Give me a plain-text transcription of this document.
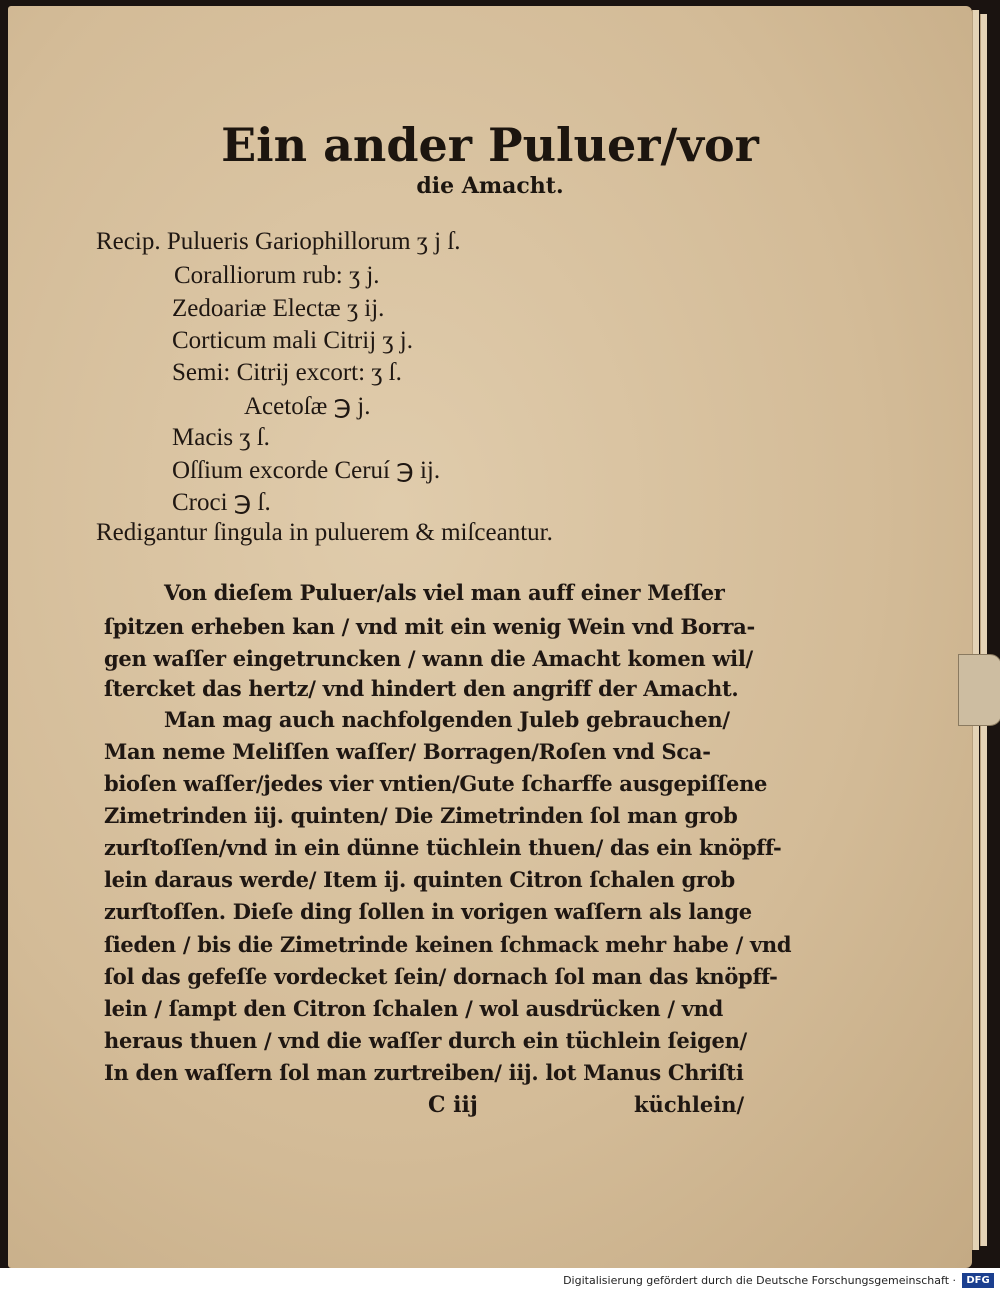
Ein ander Puluer/vor
die Amacht.
Recip. Pulueris Gariophillorum ʒ j ſ.
Coralliorum rub: ʒ j.
Zedoariæ Electæ ʒ ij.
Corticum mali Citrij ʒ j.
Semi: Citrij excort: ʒ ſ.
Acetoſæ ℈ j.
Macis ʒ ſ.
Oſſium excorde Ceruí ℈ ij.
Croci ℈ ſ.
Redigantur ſingula in puluerem & miſceantur.
Von dieſem Puluer/als viel man auff einer Meſſer
ſpitzen erheben kan / vnd mit ein wenig Wein vnd Borra-
gen waſſer eingetruncken / wann die Amacht komen wil/
ſtercket das hertz/ vnd hindert den angriff der Amacht.
Man mag auch nachfolgenden Juleb gebrauchen/
Man neme Meliſſen waſſer/ Borragen/Roſen vnd Sca-
bioſen waſſer/jedes vier vntien/Gute ſcharffe ausgepiſſene
Zimetrinden iij. quinten/ Die Zimetrinden ſol man grob
zurſtoſſen/vnd in ein dünne tüchlein thuen/ das ein knöpff-
lein daraus werde/ Item ij. quinten Citron ſchalen grob
zurſtoſſen. Dieſe ding ſollen in vorigen waſſern als lange
ſieden / bis die Zimetrinde keinen ſchmack mehr habe / vnd
ſol das gefeſſe vordecket ſein/ dornach ſol man das knöpff-
lein / ſampt den Citron ſchalen / wol ausdrücken / vnd
heraus thuen / vnd die waſſer durch ein tüchlein ſeigen/
In den waſſern ſol man zurtreiben/ iij. lot Manus Chriſti
C iij	küchlein/
Digitalisierung gefördert durch die Deutsche Forschungsgemeinschaft ·	DFG
